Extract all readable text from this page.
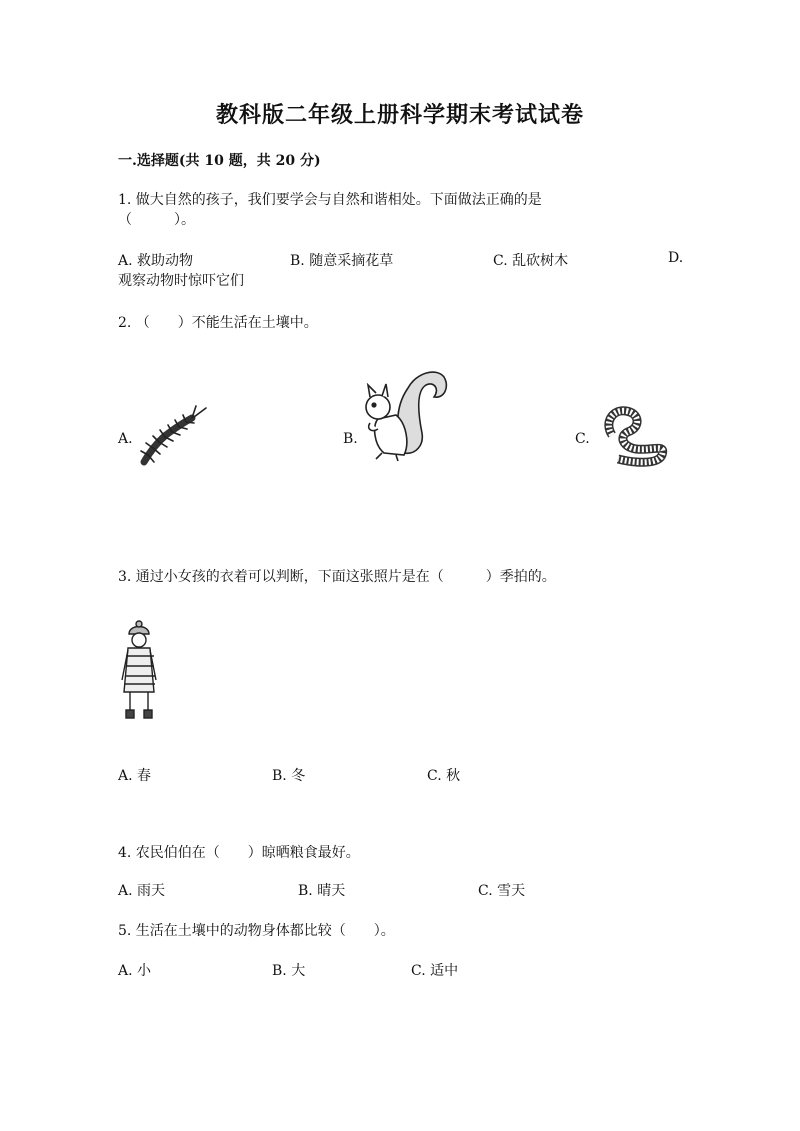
教科版二年级上册科学期末考试试卷
一.选择题(共 10 题，共 20 分)
1. 做大自然的孩子，我们要学会与自然和谐相处。下面做法正确的是
（　　　）。
A. 救助动物	B. 随意采摘花草	C. 乱砍树木	D.
观察动物时惊吓它们
2. （　　）不能生活在土壤中。
A.	B.	C.
3. 通过小女孩的衣着可以判断，下面这张照片是在（　　　）季拍的。
A. 春	B. 冬	C. 秋
4. 农民伯伯在（　　）晾晒粮食最好。
A. 雨天	B. 晴天	C. 雪天
5. 生活在土壤中的动物身体都比较（　　）。
A. 小	B. 大	C. 适中
